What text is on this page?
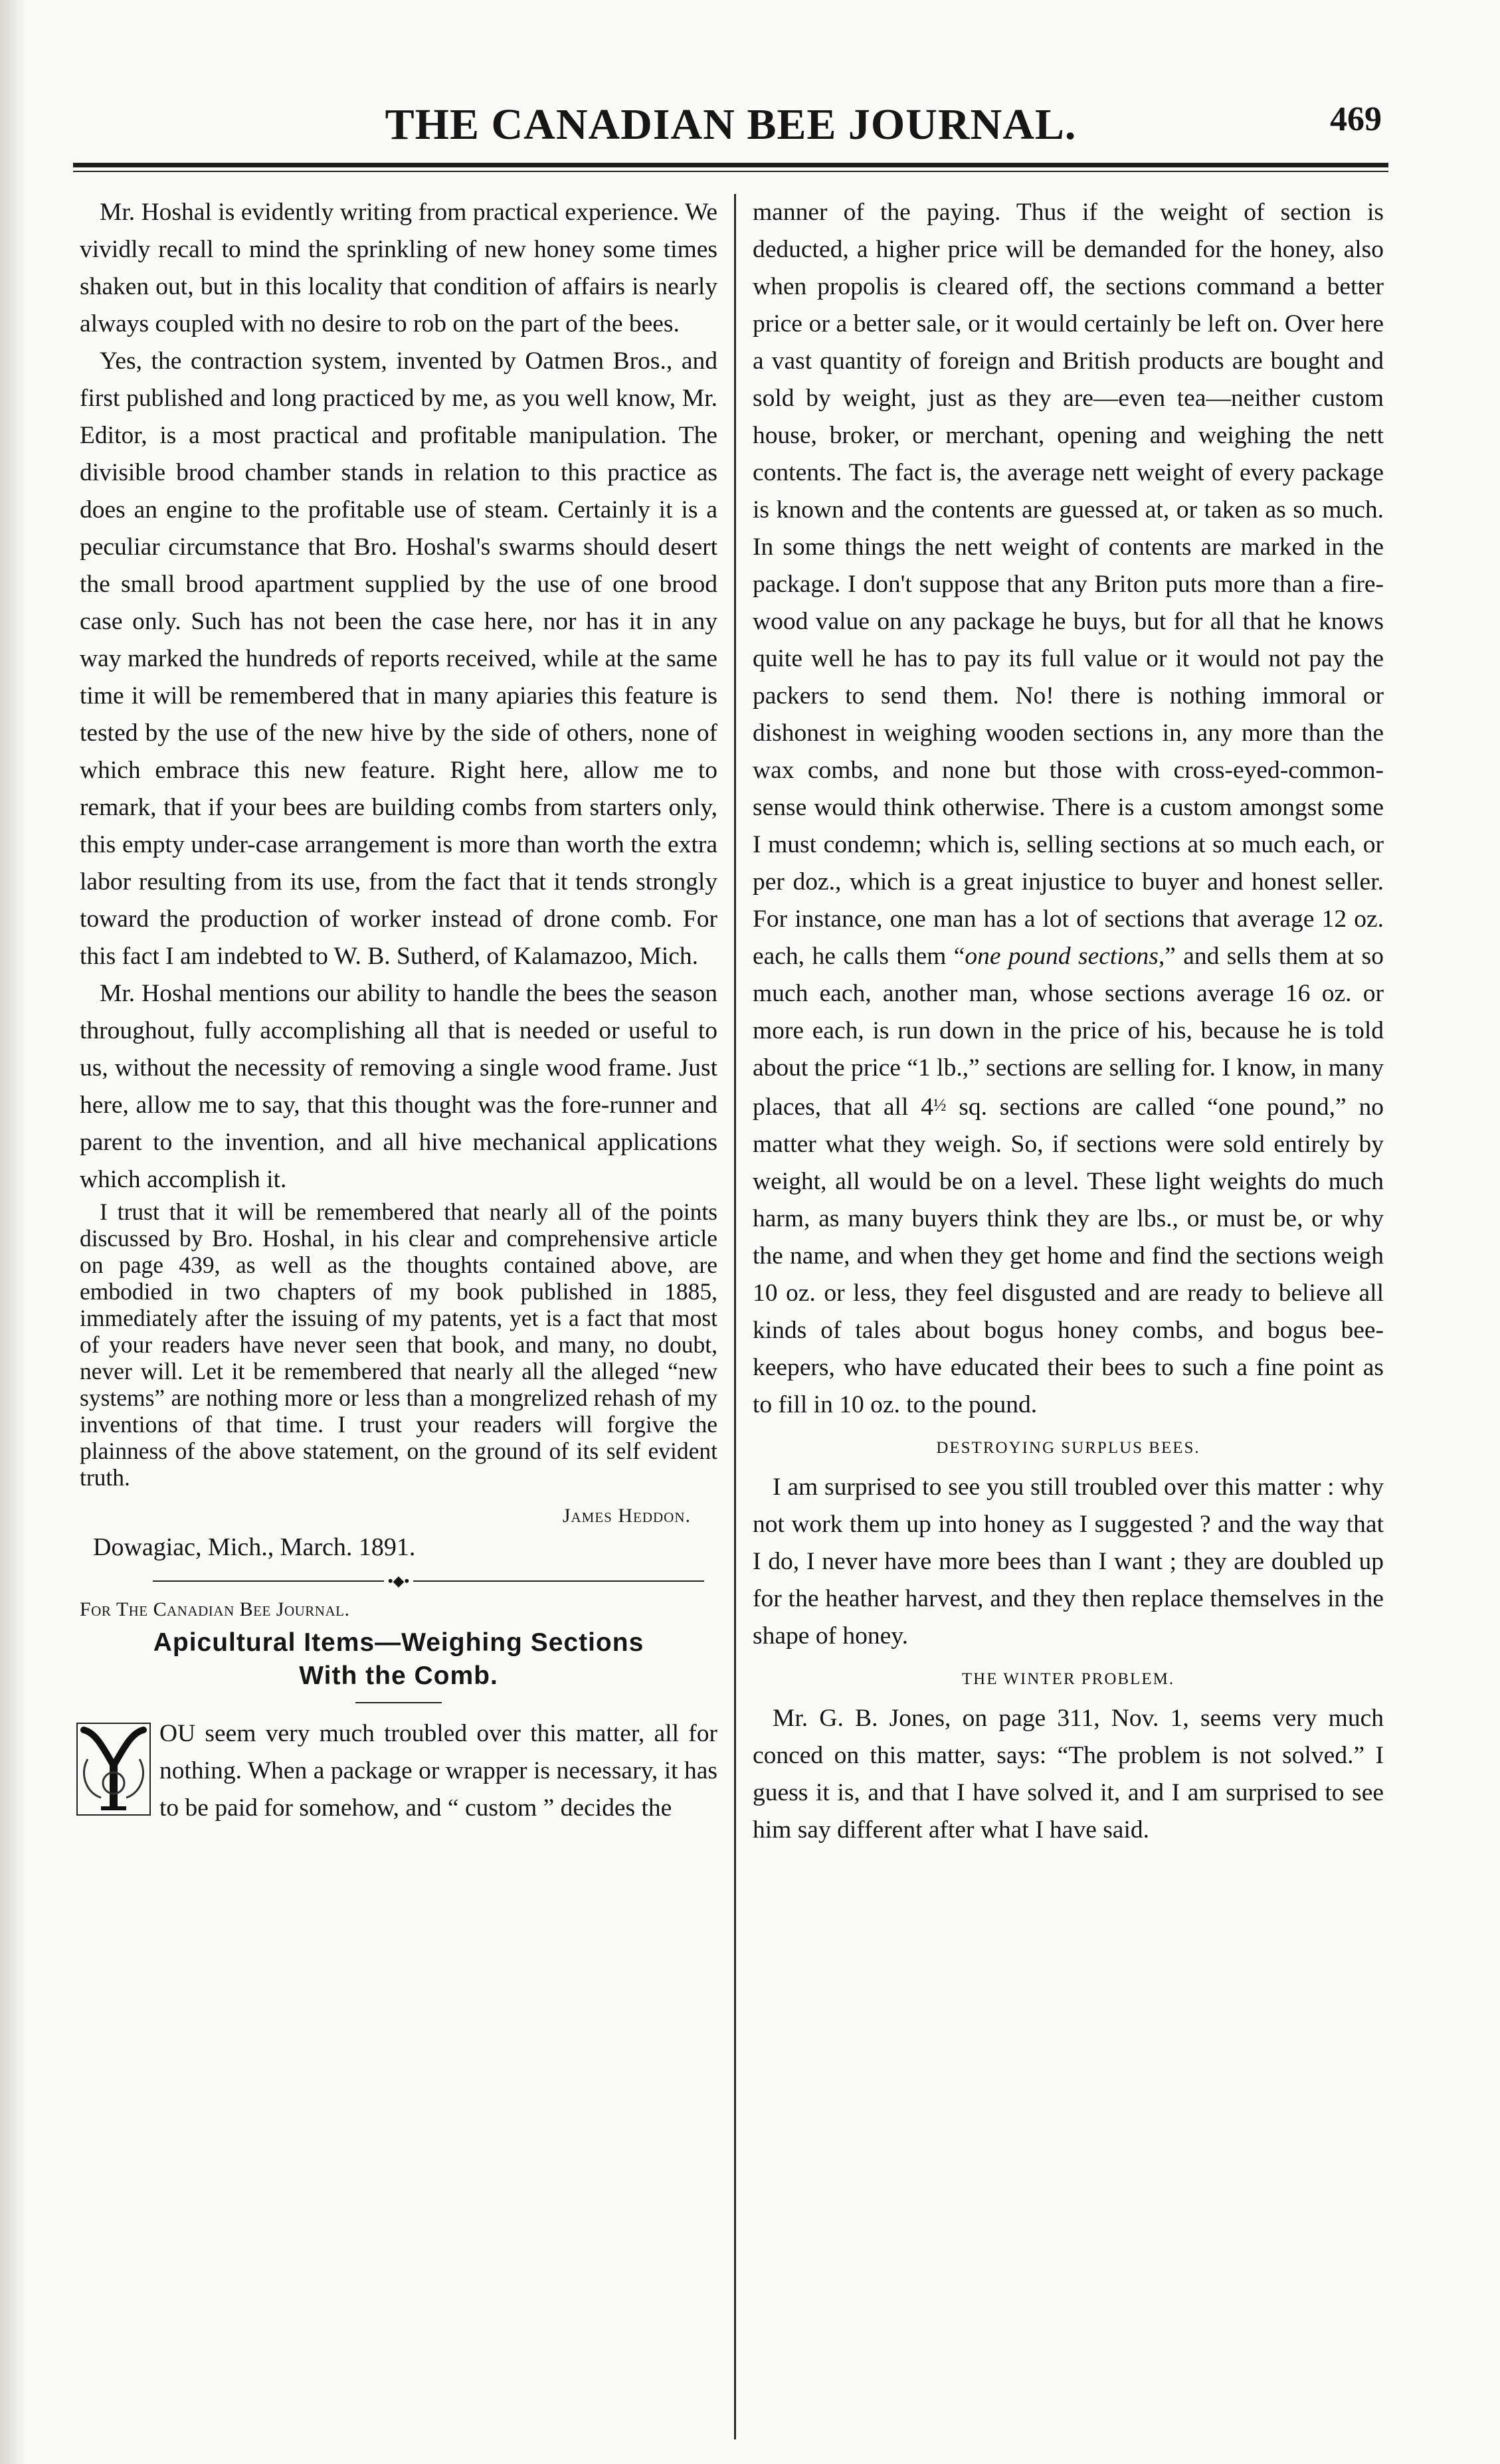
THE CANADIAN BEE JOURNAL.	469

Mr. Hoshal is evidently writing from practical experience. We vividly recall to mind the sprinkling of new honey some times shaken out, but in this locality that condition of affairs is nearly always coupled with no desire to rob on the part of the bees.

Yes, the contraction system, invented by Oatmen Bros., and first published and long practiced by me, as you well know, Mr. Editor, is a most practical and profitable manipulation. The divisible brood chamber stands in relation to this practice as does an engine to the profitable use of steam. Certainly it is a peculiar circumstance that Bro. Hoshal's swarms should desert the small brood apartment supplied by the use of one brood case only. Such has not been the case here, nor has it in any way marked the hundreds of reports received, while at the same time it will be remembered that in many apiaries this feature is tested by the use of the new hive by the side of others, none of which embrace this new feature. Right here, allow me to remark, that if your bees are building combs from starters only, this empty under-case arrangement is more than worth the extra labor resulting from its use, from the fact that it tends strongly toward the production of worker instead of drone comb. For this fact I am indebted to W. B. Sutherd, of Kalamazoo, Mich.

Mr. Hoshal mentions our ability to handle the bees the season throughout, fully accomplishing all that is needed or useful to us, without the necessity of removing a single wood frame. Just here, allow me to say, that this thought was the fore-runner and parent to the invention, and all hive mechanical applications which accomplish it.

I trust that it will be remembered that nearly all of the points discussed by Bro. Hoshal, in his clear and comprehensive article on page 439, as well as the thoughts contained above, are embodied in two chapters of my book published in 1885, immediately after the issuing of my patents, yet is a fact that most of your readers have never seen that book, and many, no doubt, never will. Let it be remembered that nearly all the alleged “new systems” are nothing more or less than a mongrelized rehash of my inventions of that time. I trust your readers will forgive the plainness of the above statement, on the ground of its self evident truth.

James Heddon.
Dowagiac, Mich., March. 1891.
•◆•
For The Canadian Bee Journal.
Apicultural Items—Weighing Sections
With the Comb.

Y
OU seem very much troubled over this matter, all for nothing. When a package or wrapper is necessary, it has to be paid for somehow, and “ custom ” decides the

manner of the paying. Thus if the weight of section is deducted, a higher price will be demanded for the honey, also when propolis is cleared off, the sections command a better price or a better sale, or it would certainly be left on. Over here a vast quantity of foreign and British products are bought and sold by weight, just as they are—even tea—neither custom house, broker, or merchant, opening and weighing the nett contents. The fact is, the average nett weight of every package is known and the contents are guessed at, or taken as so much. In some things the nett weight of contents are marked in the package. I don't suppose that any Briton puts more than a fire-wood value on any package he buys, but for all that he knows quite well he has to pay its full value or it would not pay the packers to send them. No! there is nothing immoral or dishonest in weighing wooden sections in, any more than the wax combs, and none but those with cross-eyed-common-sense would think otherwise. There is a custom amongst some I must condemn; which is, selling sections at so much each, or per doz., which is a great injustice to buyer and honest seller. For instance, one man has a lot of sections that average 12 oz. each, he calls them “one pound sections,” and sells them at so much each, another man, whose sections average 16 oz. or more each, is run down in the price of his, because he is told about the price “1 lb.,” sections are selling for. I know, in many places, that all 4½ sq. sections are called “one pound,” no matter what they weigh. So, if sections were sold entirely by weight, all would be on a level. These light weights do much harm, as many buyers think they are lbs., or must be, or why the name, and when they get home and find the sections weigh 10 oz. or less, they feel disgusted and are ready to believe all kinds of tales about bogus honey combs, and bogus bee-keepers, who have educated their bees to such a fine point as to fill in 10 oz. to the pound.

DESTROYING SURPLUS BEES.

I am surprised to see you still troubled over this matter : why not work them up into honey as I suggested ? and the way that I do, I never have more bees than I want ; they are doubled up for the heather harvest, and they then replace themselves in the shape of honey.

THE WINTER PROBLEM.

Mr. G. B. Jones, on page 311, Nov. 1, seems very much conced on this matter, says: “The problem is not solved.” I guess it is, and that I have solved it, and I am surprised to see him say different after what I have said.
